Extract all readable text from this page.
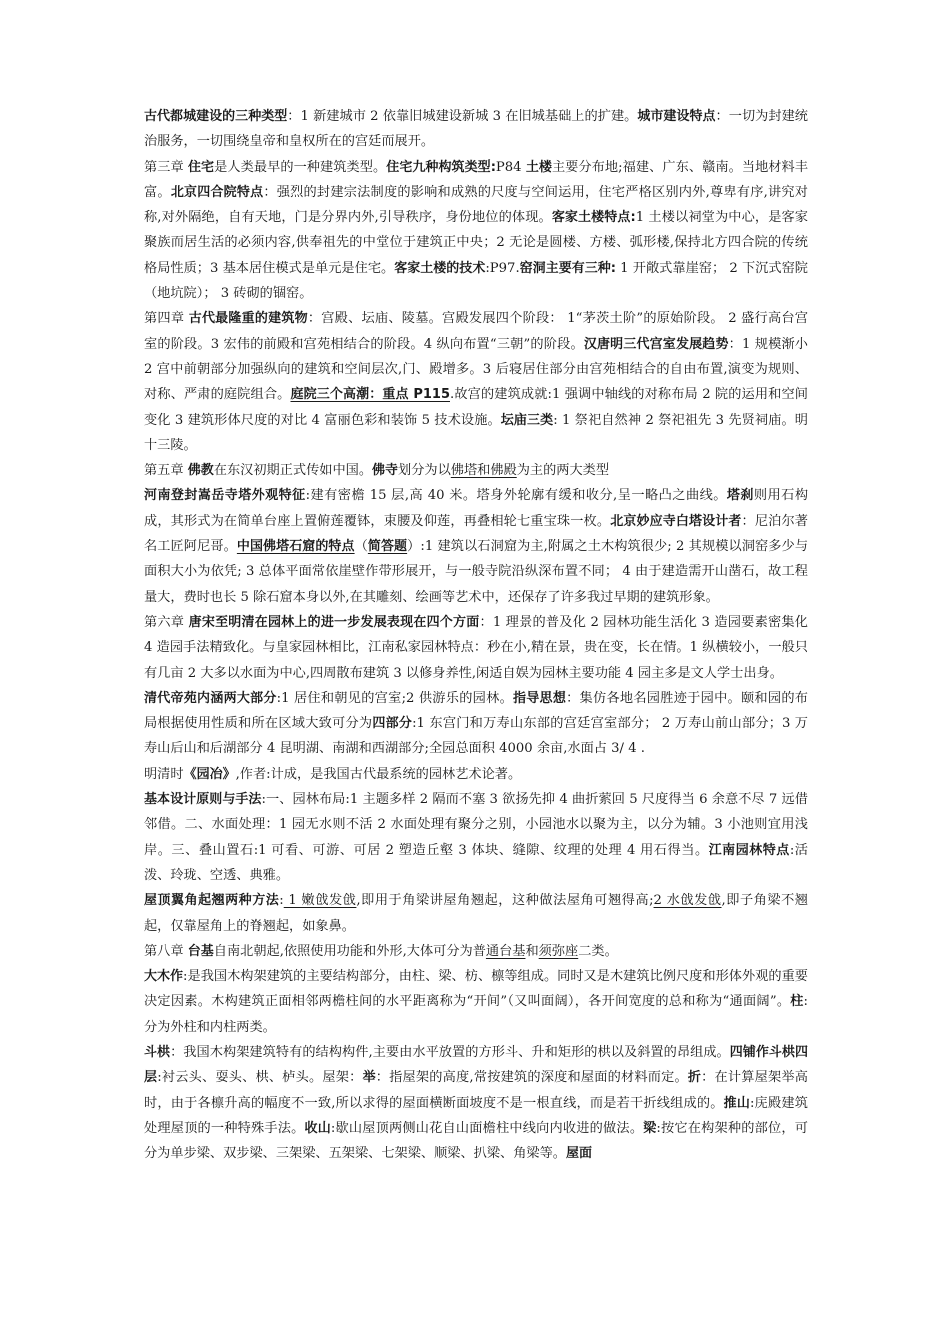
古代都城建设的三种类型：1 新建城市 2 依靠旧城建设新城 3 在旧城基础上的扩建。城市建设特点：一切为封建统治服务，一切围绕皇帝和皇权所在的宫廷而展开。

第三章 住宅是人类最早的一种建筑类型。住宅九种构筑类型:P84 土楼主要分布地;福建、广东、赣南。当地材料丰富。北京四合院特点：强烈的封建宗法制度的影响和成熟的尺度与空间运用，住宅严格区别内外,尊卑有序,讲究对称,对外隔绝，自有天地，门是分界内外,引导秩序，身份地位的体现。客家土楼特点:1 土楼以祠堂为中心，是客家聚族而居生活的必须内容,供奉祖先的中堂位于建筑正中央；2 无论是圆楼、方楼、弧形楼,保持北方四合院的传统格局性质；3 基本居住模式是单元是住宅。客家土楼的技术:P97.窑洞主要有三种: 1 开敞式靠崖窑； 2 下沉式窑院（地坑院）； 3 砖砌的锢窑。

第四章 古代最隆重的建筑物：宫殿、坛庙、陵墓。宫殿发展四个阶段： 1“茅茨土阶”的原始阶段。 2 盛行高台宫室的阶段。3 宏伟的前殿和宫苑相结合的阶段。4 纵向布置“三朝”的阶段。汉唐明三代宫室发展趋势：1 规模渐小 2 宫中前朝部分加强纵向的建筑和空间层次,门、殿增多。3 后寝居住部分由宫苑相结合的自由布置,演变为规则、对称、严肃的庭院组合。庭院三个高潮：重点 P115.故宫的建筑成就:1 强调中轴线的对称布局 2 院的运用和空间变化 3 建筑形体尺度的对比 4 富丽色彩和装饰 5 技术设施。坛庙三类: 1 祭祀自然神 2 祭祀祖先 3 先贤祠庙。明十三陵。

第五章 佛教在东汉初期正式传如中国。佛寺划分为以佛塔和佛殿为主的两大类型

河南登封嵩岳寺塔外观特征:建有密檐 15 层,高 40 米。塔身外轮廓有缓和收分,呈一略凸之曲线。塔刹则用石构成，其形式为在简单台座上置俯莲覆钵，束腰及仰莲，再叠相轮七重宝珠一枚。北京妙应寺白塔设计者：尼泊尔著名工匠阿尼哥。中国佛塔石窟的特点（简答题）:1 建筑以石洞窟为主,附属之土木构筑很少; 2 其规模以洞窑多少与面积大小为依凭; 3 总体平面常依崖壁作带形展开，与一般寺院沿纵深布置不同； 4 由于建造需开山凿石，故工程量大，费时也长 5 除石窟本身以外,在其雕刻、绘画等艺术中，还保存了许多我过早期的建筑形象。

第六章 唐宋至明清在园林上的进一步发展表现在四个方面：1 理景的普及化 2 园林功能生活化 3 造园要素密集化 4 造园手法精致化。与皇家园林相比，江南私家园林特点：秒在小,精在景，贵在变，长在情。1 纵横较小，一般只有几亩 2 大多以水面为中心,四周散布建筑 3 以修身养性,闲适自娱为园林主要功能 4 园主多是文人学士出身。

清代帝苑内涵两大部分:1 居住和朝见的宫室;2 供游乐的园林。指导思想：集仿各地名园胜迹于园中。颐和园的布局根据使用性质和所在区域大致可分为四部分:1 东宫门和万寿山东部的宫廷宫室部分； 2 万寿山前山部分；3 万寿山后山和后湖部分 4 昆明湖、南湖和西湖部分;全园总面积 4000 余亩,水面占 3/ 4 .

明清时《园冶》,作者:计成，是我国古代最系统的园林艺术论著。

基本设计原则与手法:一、园林布局:1 主题多样 2 隔而不塞 3 欲扬先抑 4 曲折萦回 5 尺度得当 6 余意不尽 7 远借邻借。二、水面处理：1 园无水则不活 2 水面处理有聚分之别，小园池水以聚为主，以分为辅。3 小池则宜用浅岸。三、叠山置石:1 可看、可游、可居 2 塑造丘壑 3 体块、缝隙、纹理的处理 4 用石得当。江南园林特点:活泼、玲珑、空透、典雅。

屋顶翼角起翘两种方法: 1 嫩戗发戗,即用于角梁讲屋角翘起，这种做法屋角可翘得高;2 水戗发戗,即子角梁不翘起，仅靠屋角上的脊翘起，如象鼻。

第八章 台基自南北朝起,依照使用功能和外形,大体可分为普通台基和须弥座二类。

大木作:是我国木构架建筑的主要结构部分，由柱、梁、枋、檩等组成。同时又是木建筑比例尺度和形体外观的重要决定因素。木构建筑正面相邻两檐柱间的水平距离称为“开间”（又叫面阔），各开间宽度的总和称为“通面阔”。柱:分为外柱和内柱两类。

斗栱：我国木构架建筑特有的结构构件,主要由水平放置的方形斗、升和矩形的栱以及斜置的昂组成。四铺作斗栱四层:衬云头、耍头、栱、栌头。屋架：举：指屋架的高度,常按建筑的深度和屋面的材料而定。折：在计算屋架举高时，由于各檩升高的幅度不一致,所以求得的屋面横断面坡度不是一根直线，而是若干折线组成的。推山:庑殿建筑处理屋顶的一种特殊手法。收山:歇山屋顶两侧山花自山面檐柱中线向内收进的做法。梁:按它在构架种的部位，可分为单步梁、双步梁、三架梁、五架梁、七架梁、顺梁、扒梁、角梁等。屋面
